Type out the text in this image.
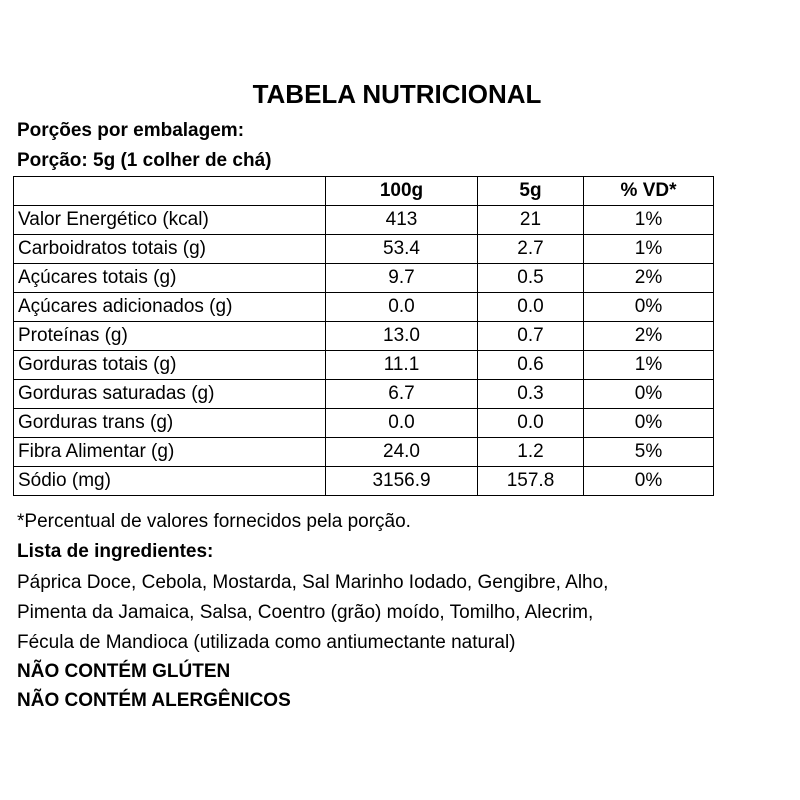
TABELA NUTRICIONAL
Porções por embalagem:
Porção: 5g (1 colher de chá)
	100g	5g	% VD*
Valor Energético (kcal)	413	21	1%
Carboidratos totais (g)	53.4	2.7	1%
Açúcares totais (g)	9.7	0.5	2%
Açúcares adicionados (g)	0.0	0.0	0%
Proteínas (g)	13.0	0.7	2%
Gorduras totais (g)	11.1	0.6	1%
Gorduras saturadas (g)	6.7	0.3	0%
Gorduras trans (g)	0.0	0.0	0%
Fibra Alimentar (g)	24.0	1.2	5%
Sódio (mg)	3156.9	157.8	0%
*Percentual de valores fornecidos pela porção.
Lista de ingredientes:
Páprica Doce, Cebola, Mostarda, Sal Marinho Iodado, Gengibre, Alho,
Pimenta da Jamaica, Salsa, Coentro (grão) moído, Tomilho, Alecrim,
Fécula de Mandioca (utilizada como antiumectante natural)
NÃO CONTÉM GLÚTEN
NÃO CONTÉM ALERGÊNICOS
